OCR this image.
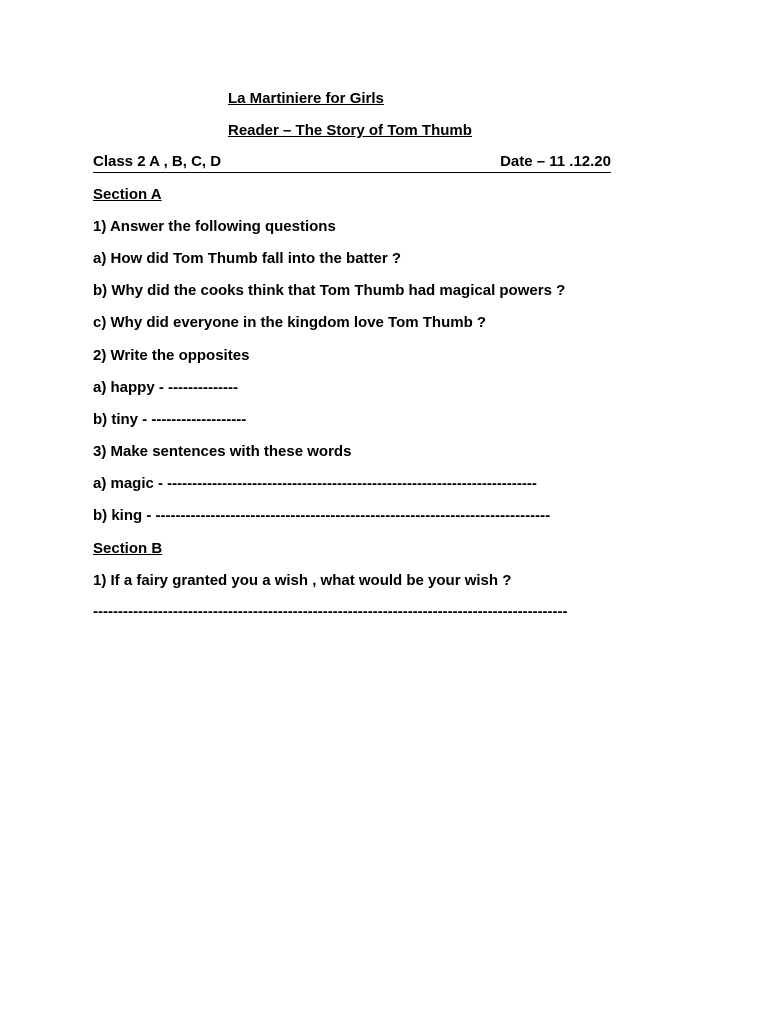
La Martiniere for Girls
Reader – The Story of Tom Thumb
Class 2 A , B, C, D	Date – 11 .12.20
Section A
1) Answer the following questions
a) How did Tom Thumb fall into the batter ?
b) Why did the cooks think that Tom Thumb had magical powers ?
c) Why did everyone in the kingdom love Tom Thumb ?
2) Write the opposites
a) happy - --------------
b) tiny - -------------------
3) Make sentences with these words
a) magic - --------------------------------------------------------------------------
b) king - -------------------------------------------------------------------------------
Section B
1) If a fairy granted you a wish , what would be your wish ?
-----------------------------------------------------------------------------------------------
